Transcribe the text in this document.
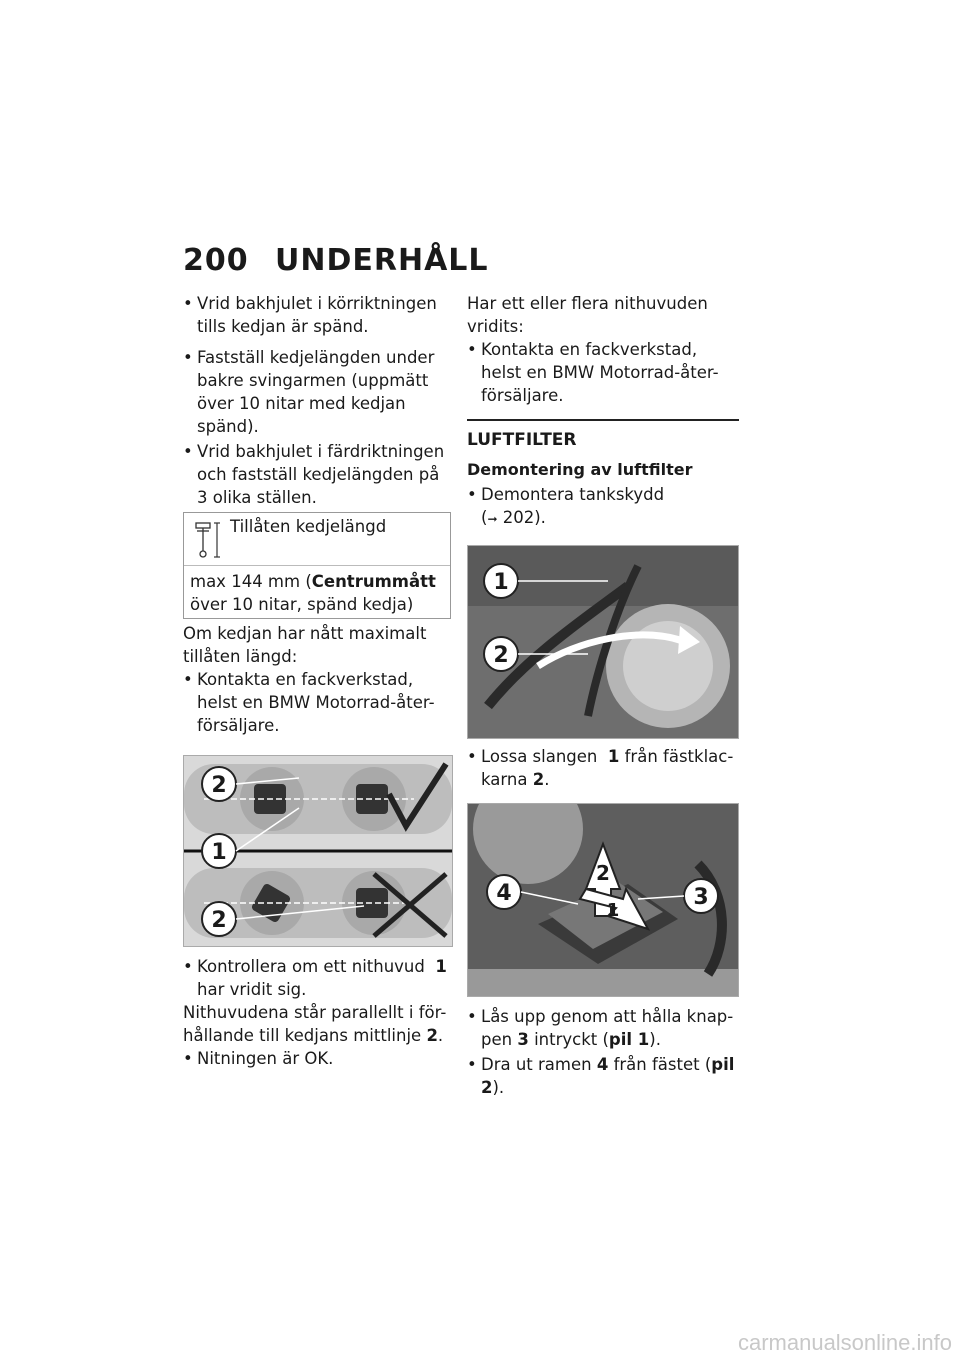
200 UNDERHÅLL

• Vrid bakhjulet i körriktningen
tills kedjan är spänd.

• Fastställ kedjelängden under
bakre svingarmen (uppmätt
över 10 nitar med kedjan
spänd).

• Vrid bakhjulet i färdriktningen
och fastställ kedjelängden på
3 olika ställen.

Tillåten kedjelängd
max 144 mm (Centrummått
över 10 nitar, spänd kedja)

Om kedjan har nått maximalt
tillåten längd:

• Kontakta en fackverkstad,
helst en BMW Motorrad-åter-
försäljare.

2
1
2

• Kontrollera om ett nithuvud 1
har vridit sig.

Nithuvudena står parallellt i för-
hållande till kedjans mittlinje 2.

• Nitningen är OK.

Har ett eller flera nithuvuden
vridits:

• Kontakta en fackverkstad,
helst en BMW Motorrad-åter-
försäljare.

LUFTFILTER

Demontering av luftfilter

• Demontera tankskydd
(➞ 202).

1
2

• Lossa slangen 1 från fästklac-
karna 2.

2
1
4	3

• Lås upp genom att hålla knap-
pen 3 intryckt (pil 1).

• Dra ut ramen 4 från fästet (pil
2).

carmanualsonline.info
